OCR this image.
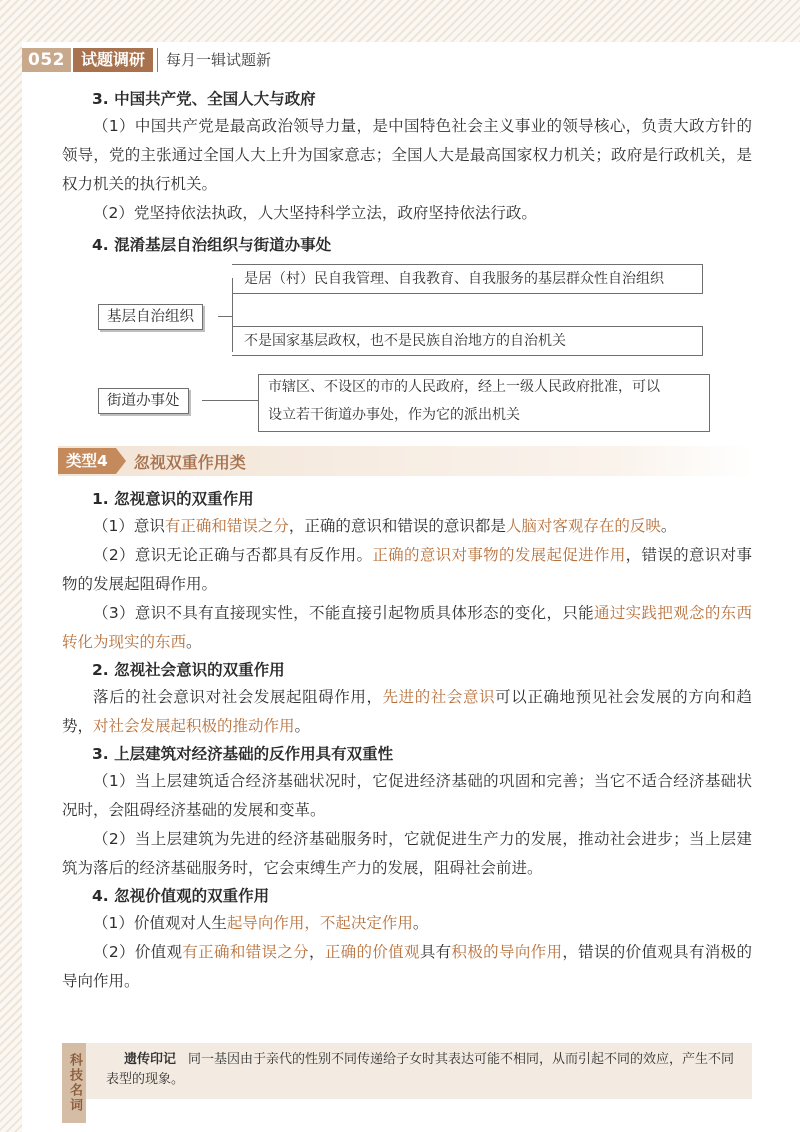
052	试题调研	每月一辑试题新
3. 中国共产党、全国人大与政府

（1）中国共产党是最高政治领导力量，是中国特色社会主义事业的领导核心，负责大政方针的领导，党的主张通过全国人大上升为国家意志；全国人大是最高国家权力机关；政府是行政机关，是权力机关的执行机关。

（2）党坚持依法执政，人大坚持科学立法，政府坚持依法行政。

4. 混淆基层自治组织与街道办事处
基层自治组织
是居（村）民自我管理、自我教育、自我服务的基层群众性自治组织
不是国家基层政权，也不是民族自治地方的自治机关
街道办事处
市辖区、不设区的市的人民政府，经上一级人民政府批准，可以
设立若干街道办事处，作为它的派出机关
类型4	忽视双重作用类
1. 忽视意识的双重作用

（1）意识有正确和错误之分，正确的意识和错误的意识都是人脑对客观存在的反映。

（2）意识无论正确与否都具有反作用。正确的意识对事物的发展起促进作用，错误的意识对事物的发展起阻碍作用。

（3）意识不具有直接现实性，不能直接引起物质具体形态的变化，只能通过实践把观念的东西转化为现实的东西。

2. 忽视社会意识的双重作用

落后的社会意识对社会发展起阻碍作用，先进的社会意识可以正确地预见社会发展的方向和趋势，对社会发展起积极的推动作用。

3. 上层建筑对经济基础的反作用具有双重性

（1）当上层建筑适合经济基础状况时，它促进经济基础的巩固和完善；当它不适合经济基础状况时，会阻碍经济基础的发展和变革。

（2）当上层建筑为先进的经济基础服务时，它就促进生产力的发展，推动社会进步；当上层建筑为落后的经济基础服务时，它会束缚生产力的发展，阻碍社会前进。

4. 忽视价值观的双重作用

（1）价值观对人生起导向作用，不起决定作用。

（2）价值观有正确和错误之分，正确的价值观具有积极的导向作用，错误的价值观具有消极的导向作用。

科技名词	遗传印记 同一基因由于亲代的性别不同传递给子女时其表达可能不相同，从而引起不同的效应，产生不同表型的现象。
